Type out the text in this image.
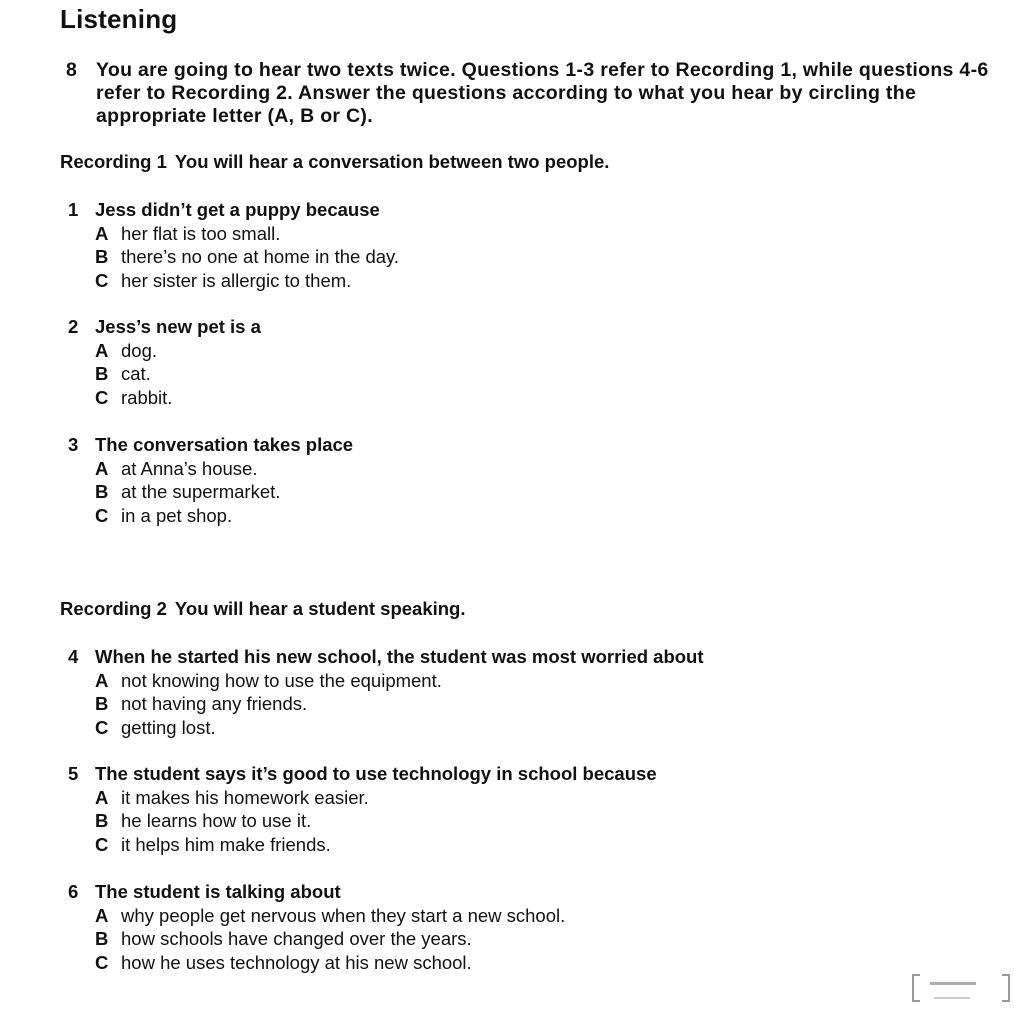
Listening
8 You are going to hear two texts twice. Questions 1-3 refer to Recording 1, while questions 4-6 refer to Recording 2. Answer the questions according to what you hear by circling the appropriate letter (A, B or C).
Recording 1 You will hear a conversation between two people.
1 Jess didn’t get a puppy because
A her flat is too small.
B there’s no one at home in the day.
C her sister is allergic to them.
2 Jess’s new pet is a
A dog.
B cat.
C rabbit.
3 The conversation takes place
A at Anna’s house.
B at the supermarket.
C in a pet shop.
Recording 2 You will hear a student speaking.
4 When he started his new school, the student was most worried about
A not knowing how to use the equipment.
B not having any friends.
C getting lost.
5 The student says it’s good to use technology in school because
A it makes his homework easier.
B he learns how to use it.
C it helps him make friends.
6 The student is talking about
A why people get nervous when they start a new school.
B how schools have changed over the years.
C how he uses technology at his new school.
